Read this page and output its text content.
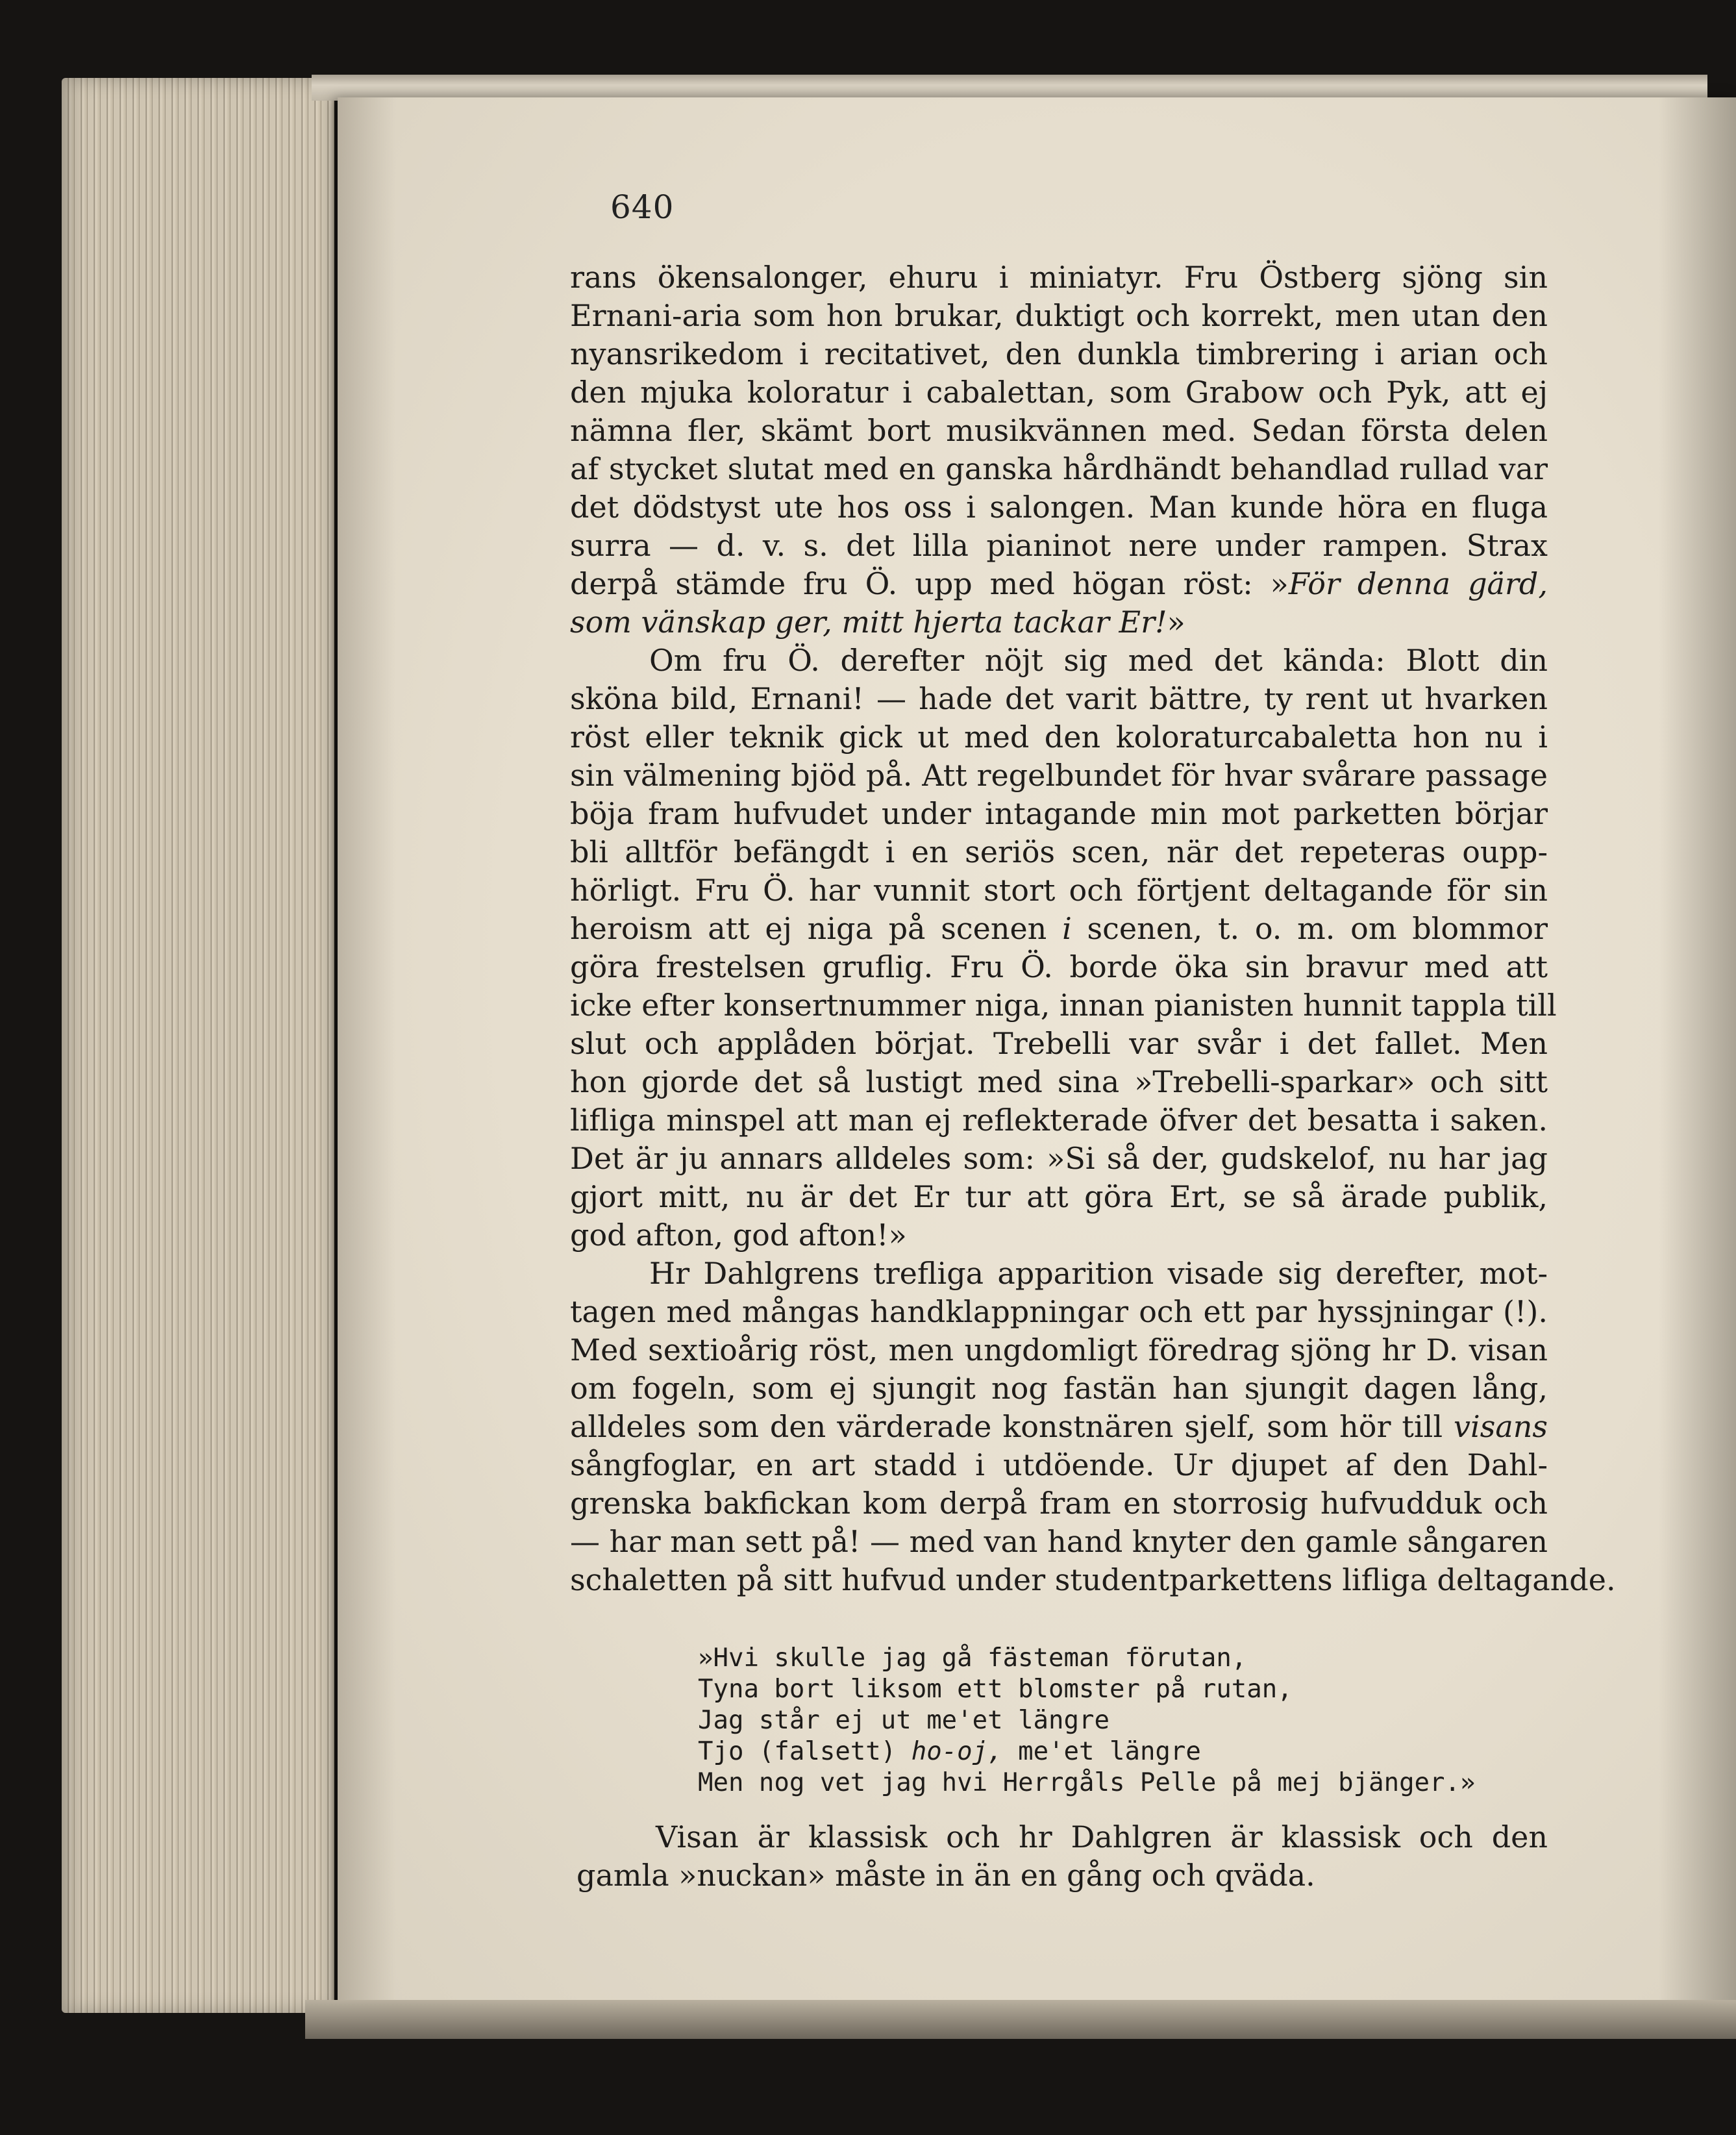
640
rans ökensalonger, ehuru i miniatyr. Fru Östberg sjöng sin
Ernani-aria som hon brukar, duktigt och korrekt, men utan den
nyansrikedom i recitativet, den dunkla timbrering i arian och
den mjuka koloratur i cabalettan, som Grabow och Pyk, att ej
nämna fler, skämt bort musikvännen med. Sedan första delen
af stycket slutat med en ganska hårdhändt behandlad rullad var
det dödstyst ute hos oss i salongen. Man kunde höra en fluga
surra — d. v. s. det lilla pianinot nere under rampen. Strax
derpå stämde fru Ö. upp med högan röst: »För denna gärd,
som vänskap ger, mitt hjerta tackar Er!»
Om fru Ö. derefter nöjt sig med det kända: Blott din
sköna bild, Ernani! — hade det varit bättre, ty rent ut hvarken
röst eller teknik gick ut med den koloraturcabaletta hon nu i
sin välmening bjöd på. Att regelbundet för hvar svårare passage
böja fram hufvudet under intagande min mot parketten börjar
bli alltför befängdt i en seriös scen, när det repeteras oupp-
hörligt. Fru Ö. har vunnit stort och förtjent deltagande för sin
heroism att ej niga på scenen i scenen, t. o. m. om blommor
göra frestelsen gruflig. Fru Ö. borde öka sin bravur med att
icke efter konsertnummer niga, innan pianisten hunnit tappla till
slut och applåden börjat. Trebelli var svår i det fallet. Men
hon gjorde det så lustigt med sina »Trebelli-sparkar» och sitt
lifliga minspel att man ej reflekterade öfver det besatta i saken.
Det är ju annars alldeles som: »Si så der, gudskelof, nu har jag
gjort mitt, nu är det Er tur att göra Ert, se så ärade publik,
god afton, god afton!»
Hr Dahlgrens trefliga apparition visade sig derefter, mot-
tagen med mångas handklappningar och ett par hyssjningar (!).
Med sextioårig röst, men ungdomligt föredrag sjöng hr D. visan
om fogeln, som ej sjungit nog fastän han sjungit dagen lång,
alldeles som den värderade konstnären sjelf, som hör till visans
sångfoglar, en art stadd i utdöende. Ur djupet af den Dahl-
grenska bakfickan kom derpå fram en storrosig hufvudduk och
— har man sett på! — med van hand knyter den gamle sångaren
schaletten på sitt hufvud under studentparkettens lifliga deltagande.
»Hvi skulle jag gå fästeman förutan,
Tyna bort liksom ett blomster på rutan,
Jag står ej ut me'et längre
Tjo (falsett) ho-oj, me'et längre
Men nog vet jag hvi Herrgåls Pelle på mej bjänger.»
Visan är klassisk och hr Dahlgren är klassisk och den
gamla »nuckan» måste in än en gång och qväda.
